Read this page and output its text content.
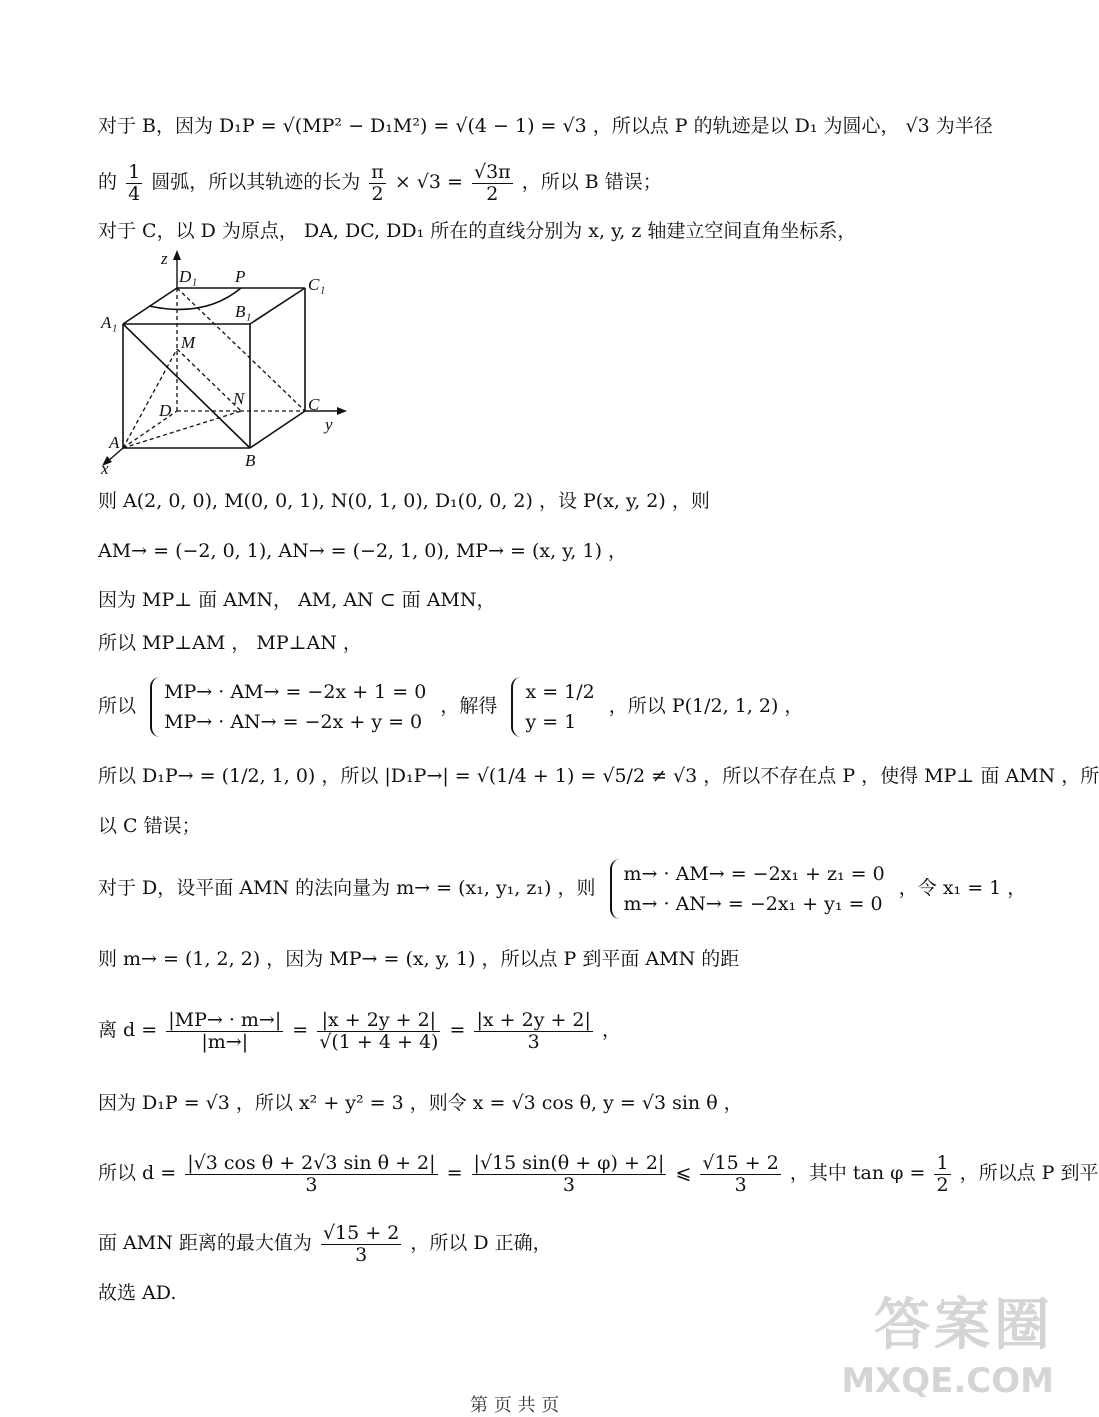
对于 B，因为 D₁P = √(MP² − D₁M²) = √(4 − 1) = √3 ，所以点 P 的轨迹是以 D₁ 为圆心， √3 为半径
的 $\frac{1}{4}$ 圆弧，所以其轨迹的长为 $\frac{\pi}{2} \times √3 = \frac{√3\pi}{2}$ ，所以 B 错误；
对于 C，以 D 为原点， DA, DC, DD₁ 所在的直线分别为 x, y, z 轴建立空间直角坐标系，
z
D₁ P	C₁
A₁
B₁
M
N
D	C
y
A
B
x
则 A(2, 0, 0), M(0, 0, 1), N(0, 1, 0), D₁(0, 0, 2) ，设 P(x, y, 2) ，则
AM→ = (−2, 0, 1), AN→ = (−2, 1, 0), MP→ = (x, y, 1) ，
因为 MP⊥ 面 AMN， AM, AN ⊂ 面 AMN，
所以 MP⊥AM ， MP⊥AN ，
所以
MP→ · AM→ = −2x + 1 = 0
MP→ · AN→ = −2x + y = 0
，解得
x = 1/2
y = 1
，所以 P(1/2, 1, 2) ，
所以 D₁P→ = (1/2, 1, 0) ，所以 |D₁P→| = √(1/4 + 1) = √5/2 ≠ √3 ，所以不存在点 P ，使得 MP⊥ 面 AMN ，所
以 C 错误；
对于 D，设平面 AMN 的法向量为 m→ = (x₁, y₁, z₁) ，则
m→ · AM→ = −2x₁ + z₁ = 0
m→ · AN→ = −2x₁ + y₁ = 0
，令 x₁ = 1 ，
则 m→ = (1, 2, 2) ，因为 MP→ = (x, y, 1) ，所以点 P 到平面 AMN 的距
离 $d = \frac{|MP\to \cdot m\to|}{|m\to|} = \frac{|x + 2y + 2|}{√(1 + 4 + 4)} = \frac{|x + 2y + 2|}{3}$ ，
因为 D₁P = √3 ，所以 x² + y² = 3 ，则令 x = √3 cos θ, y = √3 sin θ ，
所以 $d = \frac{\text{|√3 cos θ + 2√3 sin θ + 2|}}{3} = \frac{|√15 \sin(\theta + \varphi) + 2|}{3}$ ⩽ $\frac{√15 + 2}{3}$ ，其中 $\tan \varphi = \frac{1}{2}$ ，所以点 P 到平
面 AMN 距离的最大值为 $\frac{√15 + 2}{3}$ ，所以 D 正确，
故选 AD.	答案圈
MXQE.COM
第 页 共 页
